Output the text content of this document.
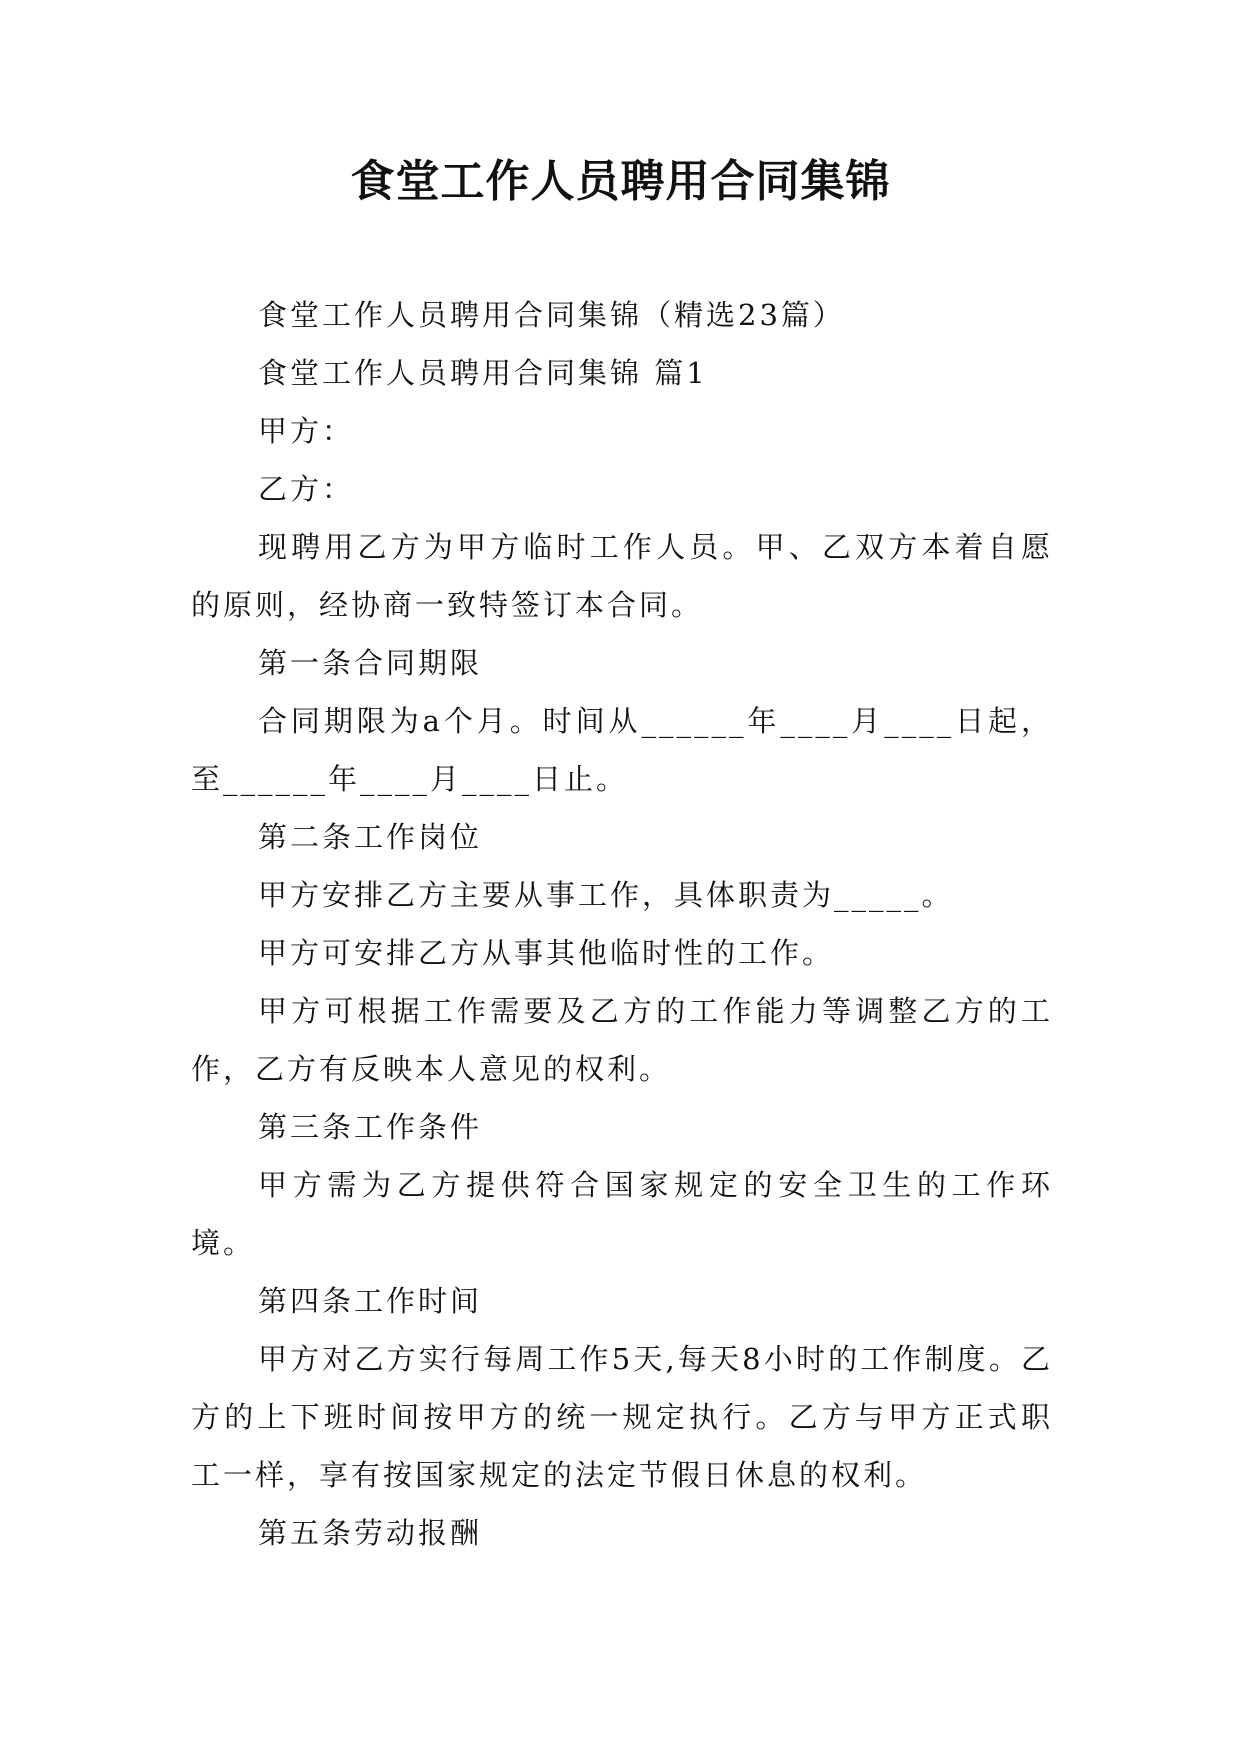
食堂工作人员聘用合同集锦

食堂工作人员聘用合同集锦（精选23篇）

食堂工作人员聘用合同集锦 篇1

甲方：

乙方：

现聘用乙方为甲方临时工作人员。甲、乙双方本着自愿的原则，经协商一致特签订本合同。

第一条合同期限

合同期限为a个月。时间从______年____月____日起，至______年____月____日止。

第二条工作岗位

甲方安排乙方主要从事工作，具体职责为_____。

甲方可安排乙方从事其他临时性的工作。

甲方可根据工作需要及乙方的工作能力等调整乙方的工作，乙方有反映本人意见的权利。

第三条工作条件

甲方需为乙方提供符合国家规定的安全卫生的工作环境。

第四条工作时间

甲方对乙方实行每周工作5天,每天8小时的工作制度。乙方的上下班时间按甲方的统一规定执行。乙方与甲方正式职工一样，享有按国家规定的法定节假日休息的权利。

第五条劳动报酬
